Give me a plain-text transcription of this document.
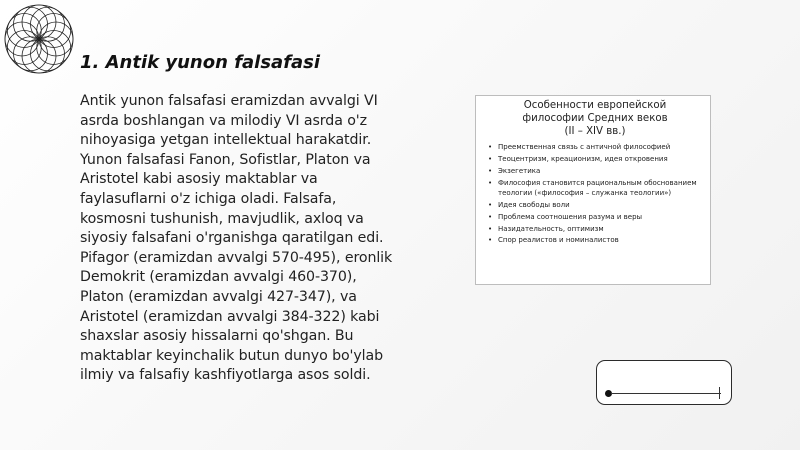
1. Antik yunon falsafasi
Antik yunon falsafasi eramizdan avvalgi VI
asrda boshlangan va milodiy VI asrda o'z
nihoyasiga yetgan intellektual harakatdir.
Yunon falsafasi Fanon, Sofistlar, Platon va
Aristotel kabi asosiy maktablar va
faylasuflarni o'z ichiga oladi. Falsafa,
kosmosni tushunish, mavjudlik, axloq va
siyosiy falsafani o'rganishga qaratilgan edi.
Pifagor (eramizdan avvalgi 570-495), eronlik
Demokrit (eramizdan avvalgi 460-370),
Platon (eramizdan avvalgi 427-347), va
Aristotel (eramizdan avvalgi 384-322) kabi
shaxslar asosiy hissalarni qo'shgan. Bu
maktablar keyinchalik butun dunyo bo'ylab
ilmiy va falsafiy kashfiyotlarga asos soldi.
Особенности европейской
философии Средних веков
(II – XIV вв.)
• Преемственная связь с античной философией
• Теоцентризм, креационизм, идея откровения
• Экзегетика
• Философия становится рациональным обоснованием теологии («философия – служанка теологии»)
• Идея свободы воли
• Проблема соотношения разума и веры
• Назидательность, оптимизм
• Спор реалистов и номиналистов
